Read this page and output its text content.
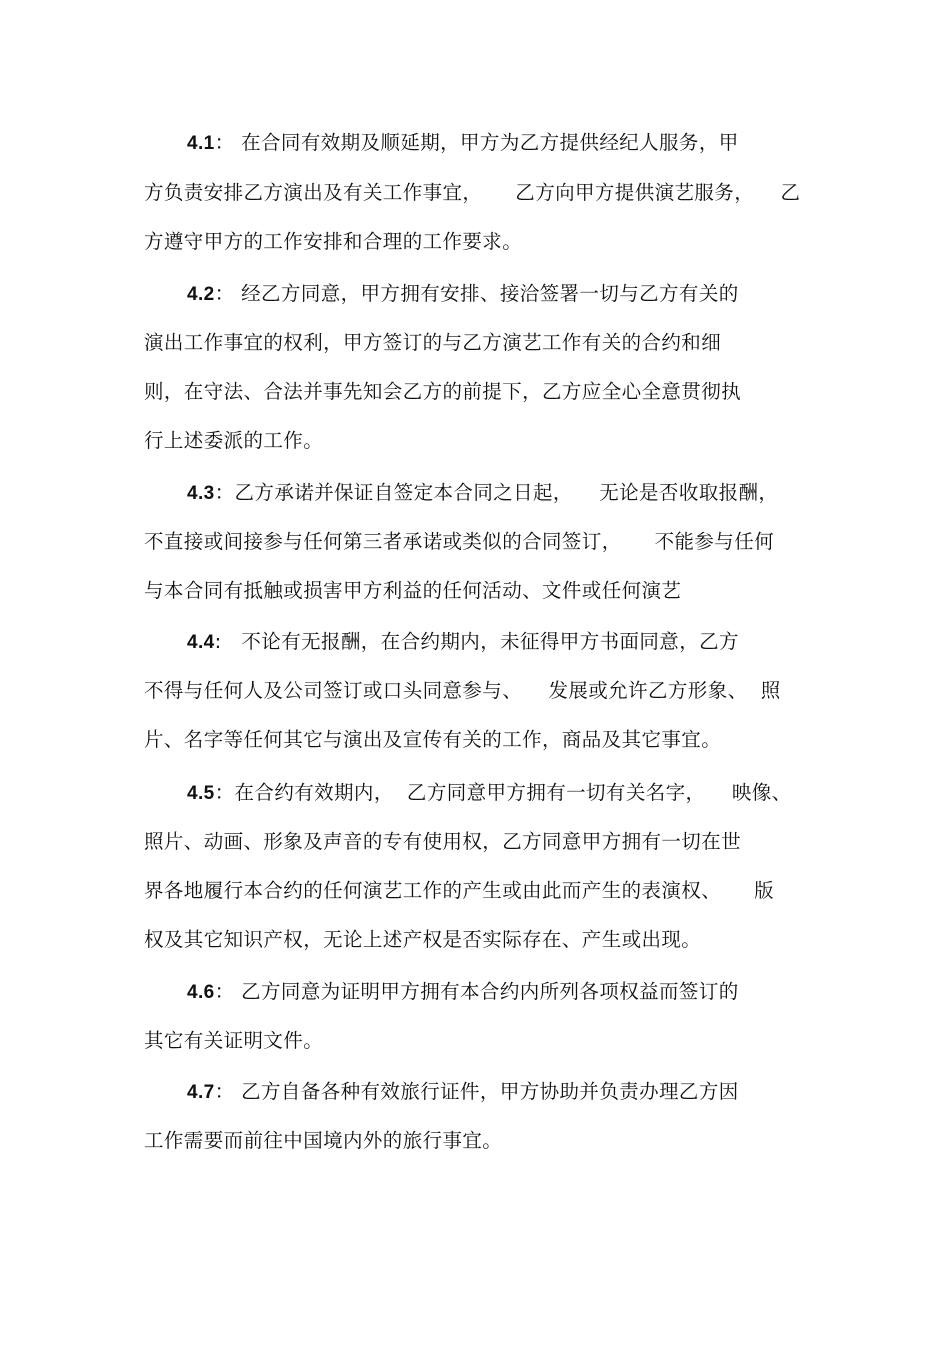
4.1： 在合同有效期及顺延期，甲方为乙方提供经纪人服务，甲
方负责安排乙方演出及有关工作事宜，     乙方向甲方提供演艺服务，    乙
方遵守甲方的工作安排和合理的工作要求。
4.2： 经乙方同意，甲方拥有安排、接洽签署一切与乙方有关的
演出工作事宜的权利，甲方签订的与乙方演艺工作有关的合约和细
则，在守法、合法并事先知会乙方的前提下，乙方应全心全意贯彻执
行上述委派的工作。
4.3：乙方承诺并保证自签定本合同之日起，    无论是否收取报酬，
不直接或间接参与任何第三者承诺或类似的合同签订，     不能参与任何
与本合同有抵触或损害甲方利益的任何活动、文件或任何演艺
4.4:   不论有无报酬，在合约期内，未征得甲方书面同意，乙方
不得与任何人及公司签订或口头同意参与、    发展或允许乙方形象、  照
片、名字等任何其它与演出及宣传有关的工作，商品及其它事宜。
4.5：在合约有效期内，  乙方同意甲方拥有一切有关名字，    映像、
照片、动画、形象及声音的专有使用权，乙方同意甲方拥有一切在世
界各地履行本合约的任何演艺工作的产生或由此而产生的表演权、     版
权及其它知识产权，无论上述产权是否实际存在、产生或出现。
4.6： 乙方同意为证明甲方拥有本合约内所列各项权益而签订的
其它有关证明文件。
4.7： 乙方自备各种有效旅行证件，甲方协助并负责办理乙方因
工作需要而前往中国境内外的旅行事宜。
